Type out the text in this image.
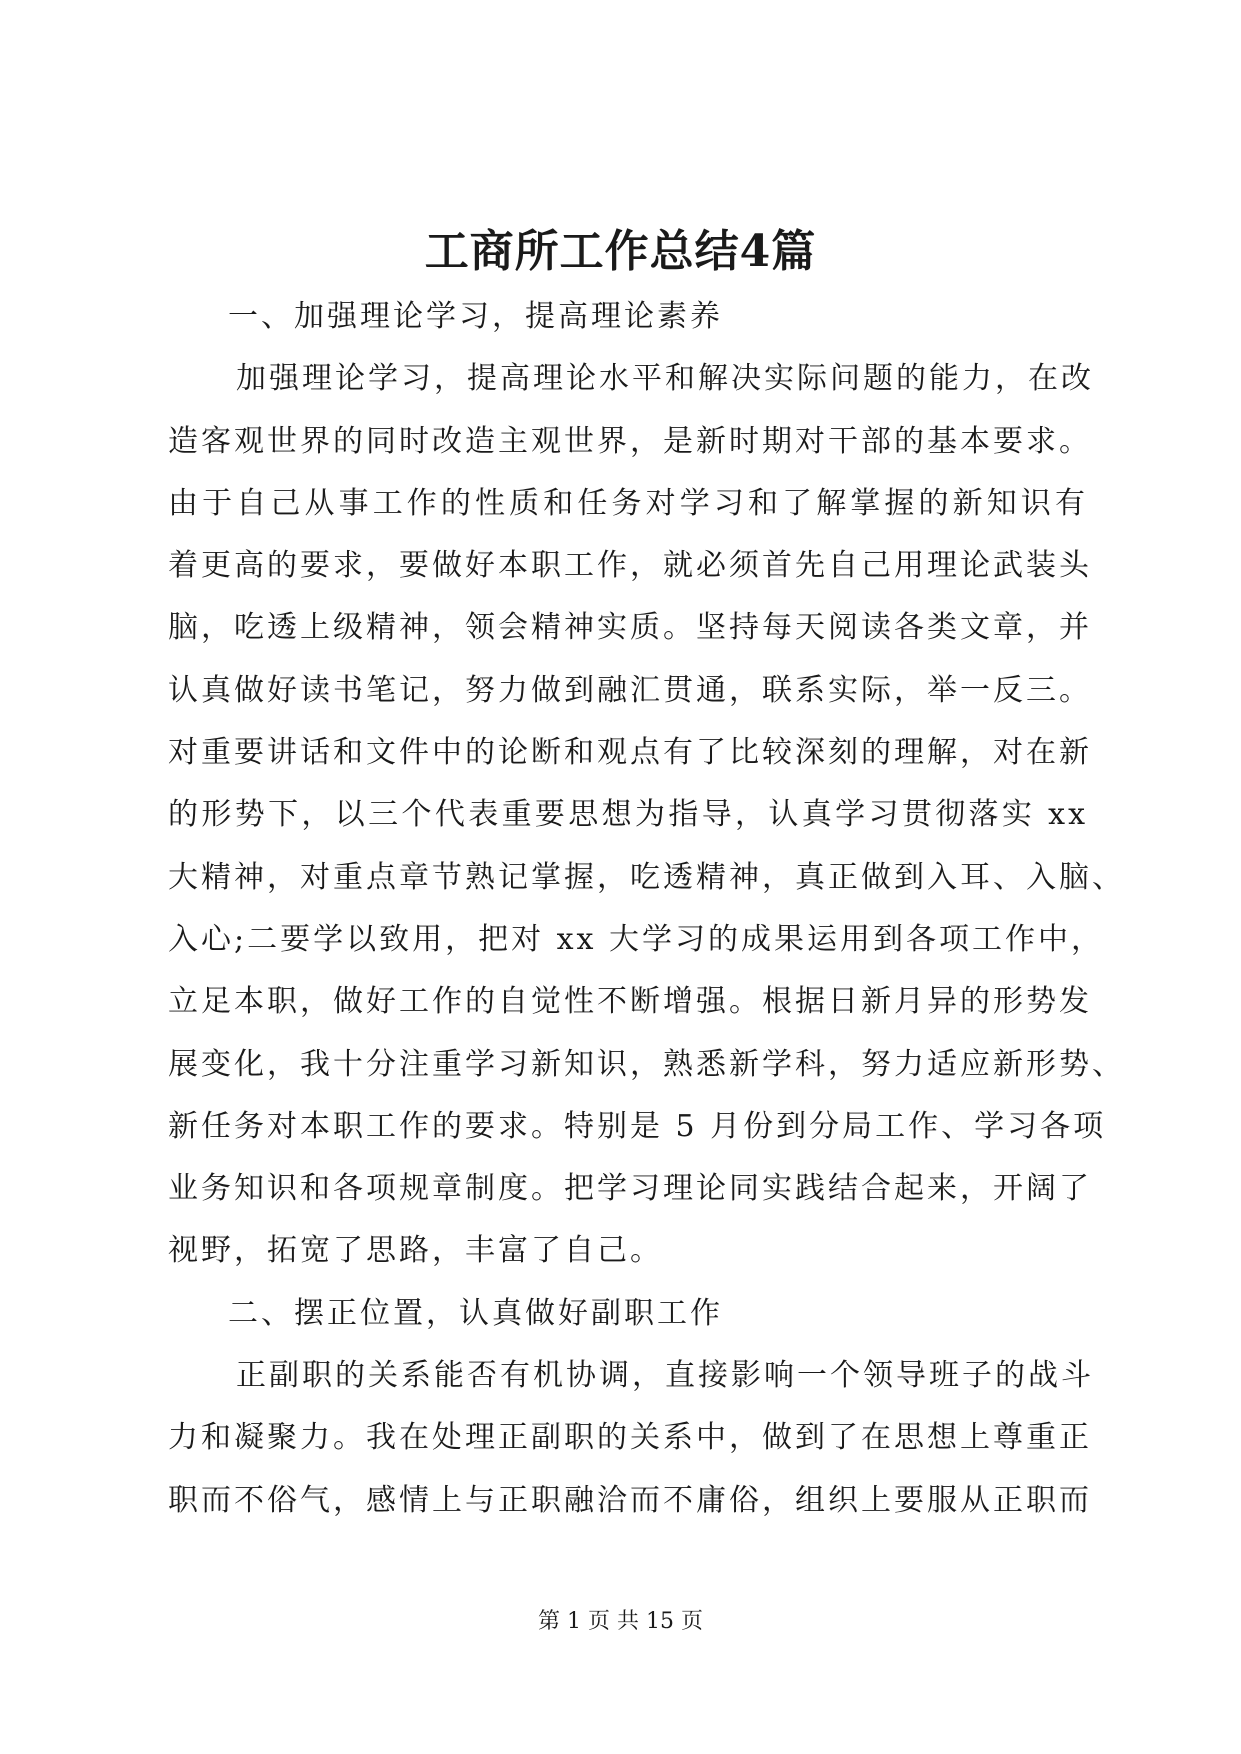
工商所工作总结4篇
一、加强理论学习，提高理论素养
加强理论学习，提高理论水平和解决实际问题的能力，在改
造客观世界的同时改造主观世界，是新时期对干部的基本要求。
由于自己从事工作的性质和任务对学习和了解掌握的新知识有
着更高的要求，要做好本职工作，就必须首先自己用理论武装头
脑，吃透上级精神，领会精神实质。坚持每天阅读各类文章，并
认真做好读书笔记，努力做到融汇贯通，联系实际，举一反三。
对重要讲话和文件中的论断和观点有了比较深刻的理解，对在新
的形势下，以三个代表重要思想为指导，认真学习贯彻落实 xx
大精神，对重点章节熟记掌握，吃透精神，真正做到入耳、入脑、
入心;二要学以致用，把对 xx 大学习的成果运用到各项工作中，
立足本职，做好工作的自觉性不断增强。根据日新月异的形势发
展变化，我十分注重学习新知识，熟悉新学科，努力适应新形势、
新任务对本职工作的要求。特别是 5 月份到分局工作、学习各项
业务知识和各项规章制度。把学习理论同实践结合起来，开阔了
视野，拓宽了思路，丰富了自己。
二、摆正位置，认真做好副职工作
正副职的关系能否有机协调，直接影响一个领导班子的战斗
力和凝聚力。我在处理正副职的关系中，做到了在思想上尊重正
职而不俗气，感情上与正职融洽而不庸俗，组织上要服从正职而
第 1 页 共 15 页
